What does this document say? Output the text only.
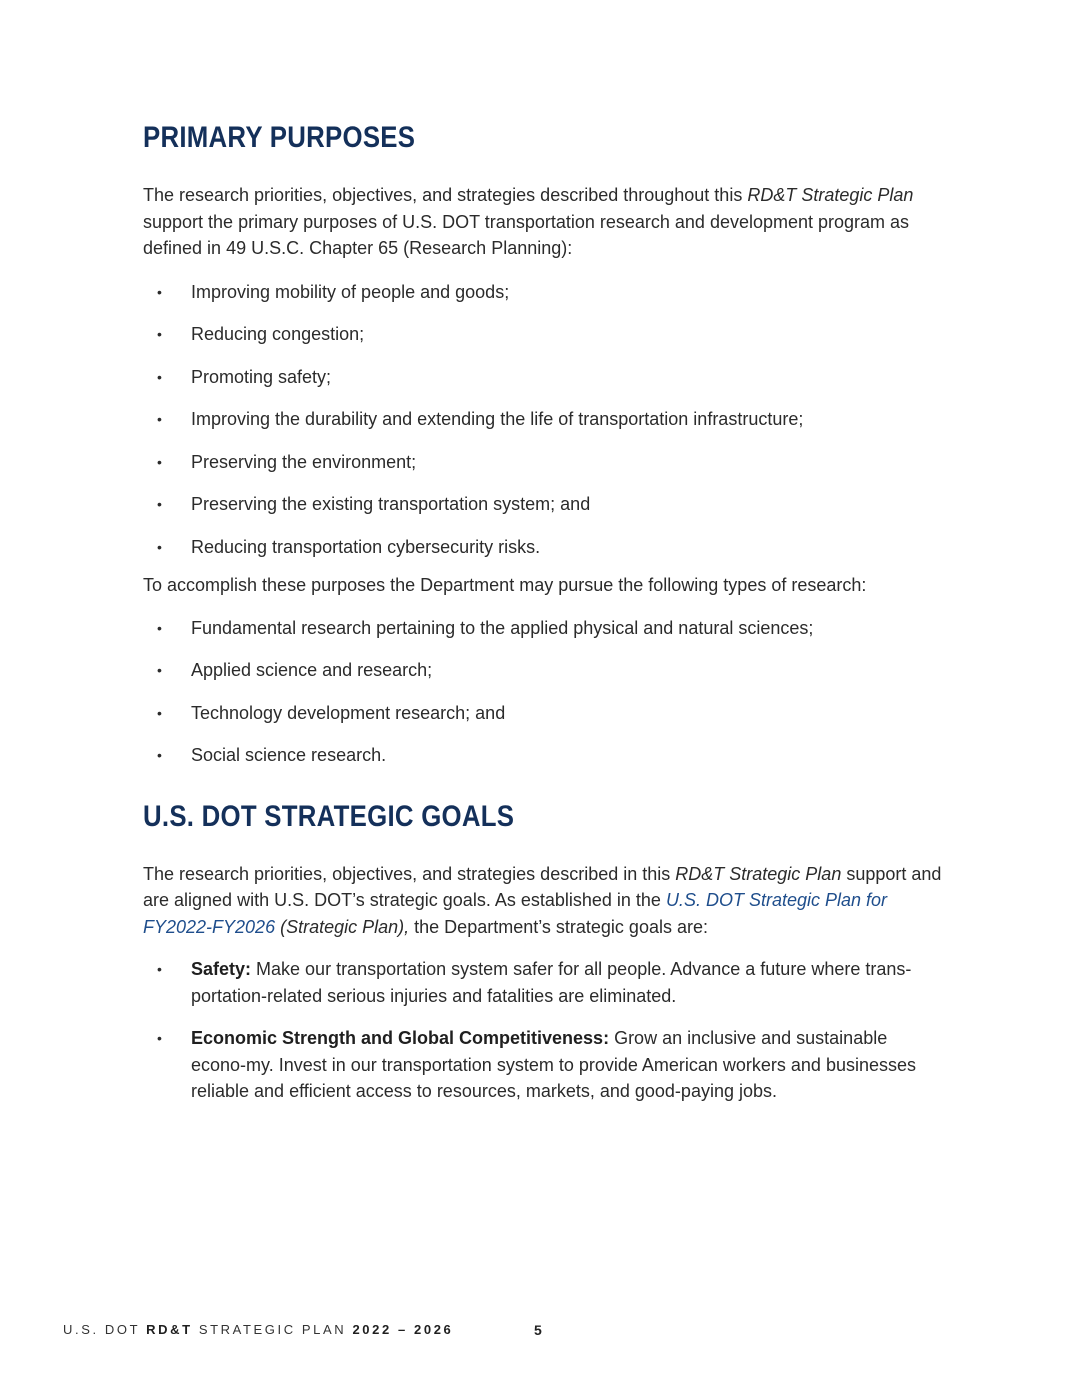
PRIMARY PURPOSES

The research priorities, objectives, and strategies described throughout this RD&T Strategic Plan support the primary purposes of U.S. DOT transportation research and development program as defined in 49 U.S.C. Chapter 65 (Research Planning):

• Improving mobility of people and goods;
• Reducing congestion;
• Promoting safety;
• Improving the durability and extending the life of transportation infrastructure;
• Preserving the environment;
• Preserving the existing transportation system; and
• Reducing transportation cybersecurity risks.

To accomplish these purposes the Department may pursue the following types of research:

• Fundamental research pertaining to the applied physical and natural sciences;
• Applied science and research;
• Technology development research; and
• Social science research.
U.S. DOT STRATEGIC GOALS

The research priorities, objectives, and strategies described in this RD&T Strategic Plan support and are aligned with U.S. DOT’s strategic goals. As established in the U.S. DOT Strategic Plan for FY2022-FY2026 (Strategic Plan), the Department’s strategic goals are:

• Safety: Make our transportation system safer for all people. Advance a future where trans-portation-related serious injuries and fatalities are eliminated.
• Economic Strength and Global Competitiveness: Grow an inclusive and sustainable econo-my. Invest in our transportation system to provide American workers and businesses reliable and efficient access to resources, markets, and good-paying jobs.
U.S. DOT RD&T STRATEGIC PLAN 2022 – 2026	5
